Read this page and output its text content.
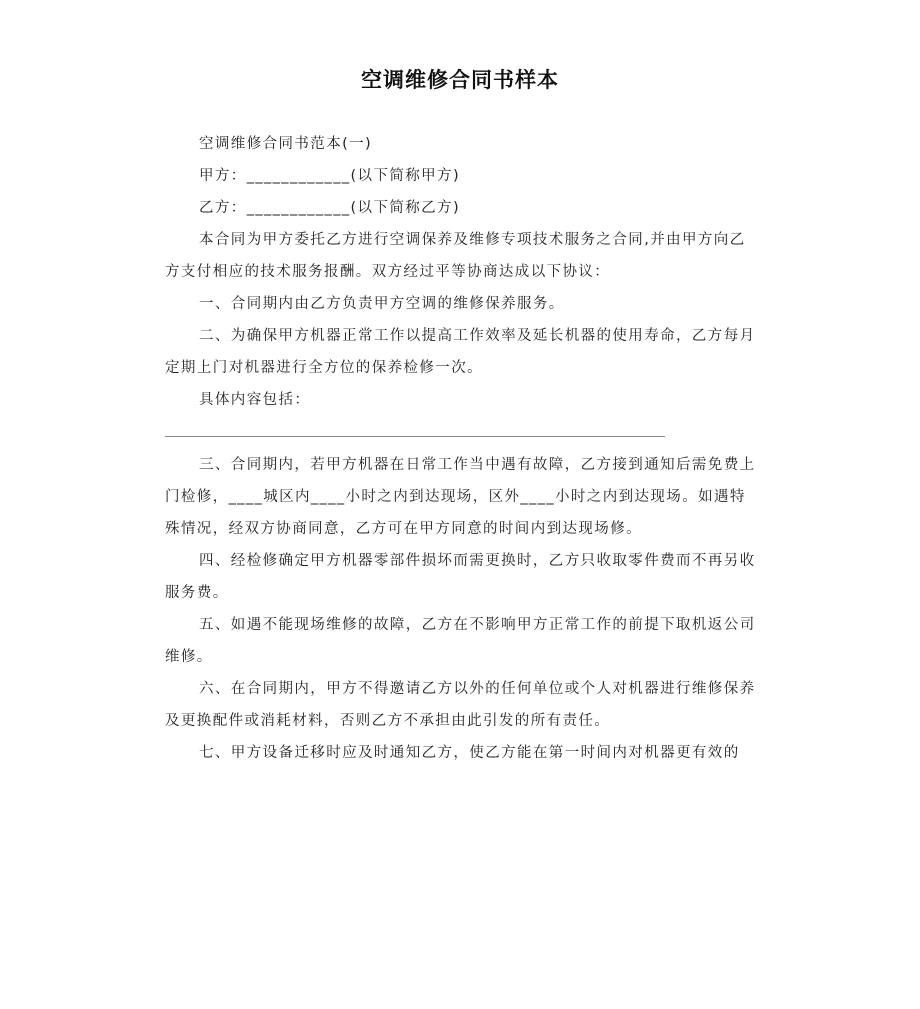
空调维修合同书样本

空调维修合同书范本(一)

甲方：____________(以下简称甲方)

乙方：____________(以下简称乙方)

本合同为甲方委托乙方进行空调保养及维修专项技术服务之合同,并由甲方向乙方支付相应的技术服务报酬。双方经过平等协商达成以下协议：

一、合同期内由乙方负责甲方空调的维修保养服务。

二、为确保甲方机器正常工作以提高工作效率及延长机器的使用寿命，乙方每月定期上门对机器进行全方位的保养检修一次。

具体内容包括：

三、合同期内，若甲方机器在日常工作当中遇有故障，乙方接到通知后需免费上门检修，____城区内____小时之内到达现场，区外____小时之内到达现场。如遇特殊情况，经双方协商同意，乙方可在甲方同意的时间内到达现场修。

四、经检修确定甲方机器零部件损坏而需更换时，乙方只收取零件费而不再另收服务费。

五、如遇不能现场维修的故障，乙方在不影响甲方正常工作的前提下取机返公司维修。

六、在合同期内，甲方不得邀请乙方以外的任何单位或个人对机器进行维修保养及更换配件或消耗材料，否则乙方不承担由此引发的所有责任。

七、甲方设备迁移时应及时通知乙方，使乙方能在第一时间内对机器更有效的
